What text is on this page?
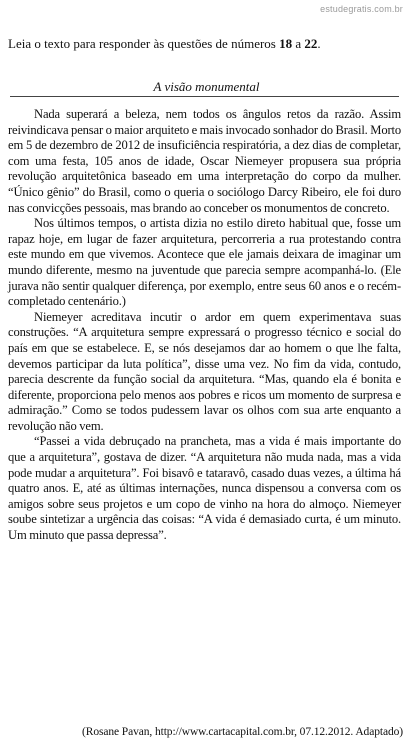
estudegratis.com.br

Leia o texto para responder às questões de números 18 a 22.

A visão monumental

Nada superará a beleza, nem todos os ângulos retos da razão. Assim reivindicava pensar o maior arquiteto e mais invocado sonhador do Brasil. Morto em 5 de dezembro de 2012 de insuficiência respiratória, a dez dias de completar, com uma festa, 105 anos de idade, Oscar Niemeyer propusera sua própria revolução arquitetônica baseado em uma interpretação do corpo da mulher. “Único gênio” do Brasil, como o queria o sociólogo Darcy Ribeiro, ele foi duro nas convicções pessoais, mas brando ao conceber os monumentos de concreto.

Nos últimos tempos, o artista dizia no estilo direto habitual que, fosse um rapaz hoje, em lugar de fazer arquitetura, percorreria a rua protestando contra este mundo em que vivemos. Acontece que ele jamais deixara de imaginar um mundo diferente, mesmo na juventude que parecia sempre acompanhá-lo. (Ele jurava não sentir qualquer diferença, por exemplo, entre seus 60 anos e o recém-completado centenário.)

Niemeyer acreditava incutir o ardor em quem experimentava suas construções. “A arquitetura sempre expressará o progresso técnico e social do país em que se estabelece. E, se nós desejamos dar ao homem o que lhe falta, devemos participar da luta política”, disse uma vez. No fim da vida, contudo, parecia descrente da função social da arquitetura. “Mas, quando ela é bonita e diferente, proporciona pelo menos aos pobres e ricos um momento de surpresa e admiração.” Como se todos pudessem lavar os olhos com sua arte enquanto a revolução não vem.

“Passei a vida debruçado na prancheta, mas a vida é mais importante do que a arquitetura”, gostava de dizer. “A arquitetura não muda nada, mas a vida pode mudar a arquitetura”. Foi bisavô e tataravô, casado duas vezes, a última há quatro anos. E, até as últimas internações, nunca dispensou a conversa com os amigos sobre seus projetos e um copo de vinho na hora do almoço. Niemeyer soube sintetizar a urgência das coisas: “A vida é demasiado curta, é um minuto. Um minuto que passa depressa”.

(Rosane Pavan, http://www.cartacapital.com.br, 07.12.2012. Adaptado)
